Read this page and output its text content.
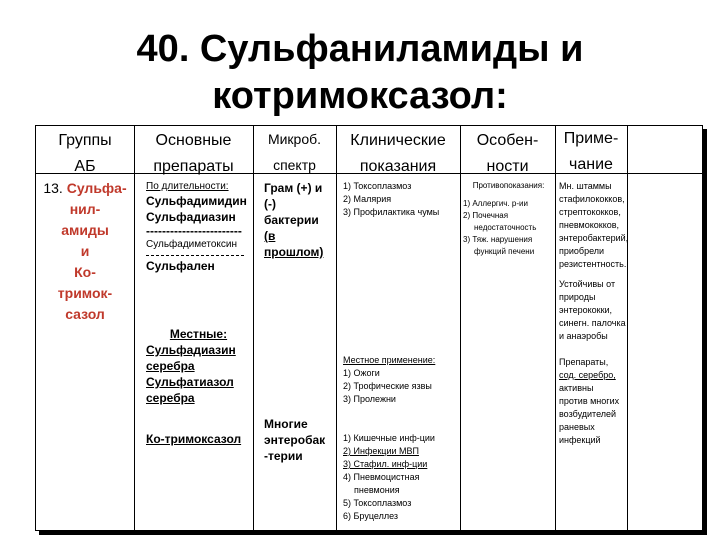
40. Сульфаниламиды и
котримоксазол:
Группы
АБ
Основные
препараты
Микроб.
спектр
Клинические
показания
Особен-
ности
Приме-
чание
13. Сульфа-
нил-
амиды
и
Ко-
тримок-
сазол
По длительности:
Сульфадимидин
Сульфадиазин
------------------------
Сульфадиметоксин
Сульфален
Местные:
Сульфадиазин
серебра
Сульфатиазол
серебра
Ко-тримоксазол
Грам (+) и
(-)
бактерии
(в
прошлом)
Многие
энтеробак
-терии
1) Токсоплазмоз
2) Малярия
3) Профилактика чумы
Местное применение:
1) Ожоги
2) Трофические язвы
3) Пролежни
1) Кишечные инф-ции
2) Инфекции МВП
3) Стафил. инф-ции
4) Пневмоцистная
пневмония
5) Токсоплазмоз
6) Бруцеллез
Противопоказания:
1) Аллергич. р-ии
2) Почечная
недостаточность
3) Тяж. нарушения
функций печени
Мн. штаммы
стафилококков,
стрептококков,
пневмококков,
энтеробактерий,
приобрели
резистентность.
Устойчивы от
природы
энтерококки,
синегн. палочка
и анаэробы
Препараты,
сод. серебро,
активны
против многих
возбудителей
раневых
инфекций
